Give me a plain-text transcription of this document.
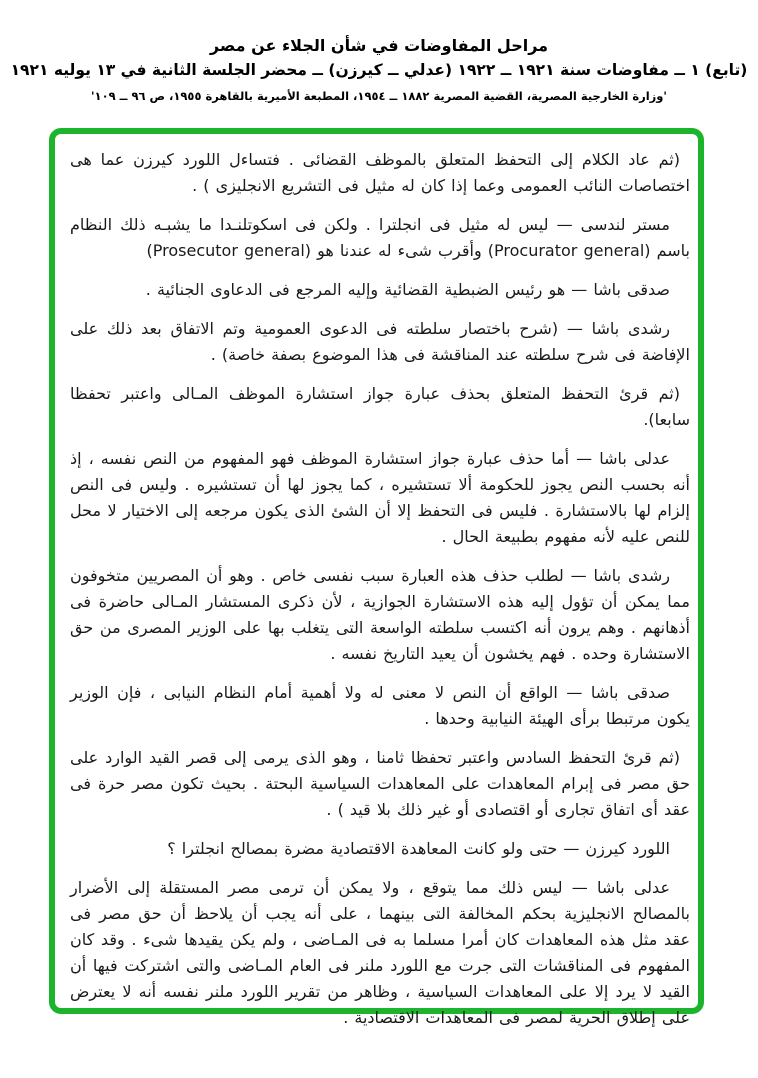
مراحل المفاوضات في شأن الجلاء عن مصر
(تابع) ١ ــ مفاوضات سنة ١٩٢١ ــ ١٩٢٢ (عدلي ــ كيرزن) ــ محضر الجلسة الثانية في ١٣ يوليه ١٩٢١
'وزارة الخارجية المصرية، القضية المصرية ١٨٨٢ ــ ١٩٥٤، المطبعة الأميرية بالقاهرة ١٩٥٥، ص ٩٦ ــ ١٠٩'

(ثم عاد الكلام إلى التحفظ المتعلق بالموظف القضائى . فتساءل اللورد كيرزن عما هى اختصاصات النائب العمومى وعما إذا كان له مثيل فى التشريع الانجليزى ) .

مستر لندسى — ليس له مثيل فى انجلترا . ولكن فى اسكوتلنـدا ما يشبـه ذلك النظام باسم (Procurator general) وأقرب شىء له عندنا هو (Prosecutor general)

صدقى باشا — هو رئيس الضبطية القضائية وإليه المرجع فى الدعاوى الجنائية .

رشدى باشا — (شرح باختصار سلطته فى الدعوى العمومية وتم الاتفاق بعد ذلك على الإفاضة فى شرح سلطته عند المناقشة فى هذا الموضوع بصفة خاصة) .

(ثم قرئ التحفظ المتعلق بحذف عبارة جواز استشارة الموظف المـالى واعتبر تحفظا سابعا).

عدلى باشا — أما حذف عبارة جواز استشارة الموظف فهو المفهوم من النص نفسه ، إذ أنه بحسب النص يجوز للحكومة ألا تستشيره ، كما يجوز لها أن تستشيره . وليس فى النص إلزام لها بالاستشارة . فليس فى التحفظ إلا أن الشئ الذى يكون مرجعه إلى الاختيار لا محل للنص عليه لأنه مفهوم بطبيعة الحال .

رشدى باشا — لطلب حذف هذه العبارة سبب نفسى خاص . وهو أن المصريين متخوفون مما يمكن أن تؤول إليه هذه الاستشارة الجوازية ، لأن ذكرى المستشار المـالى حاضرة فى أذهانهم . وهم يرون أنه اكتسب سلطته الواسعة التى يتغلب بها على الوزير المصرى من حق الاستشارة وحده . فهم يخشون أن يعيد التاريخ نفسه .

صدقى باشا — الواقع أن النص لا معنى له ولا أهمية أمام النظام النيابى ، فإن الوزير يكون مرتبطا برأى الهيئة النيابية وحدها .

(ثم قرئ التحفظ السادس واعتبر تحفظا ثامنا ، وهو الذى يرمى إلى قصر القيد الوارد على حق مصر فى إبرام المعاهدات على المعاهدات السياسية البحتة . بحيث تكون مصر حرة فى عقد أى اتفاق تجارى أو اقتصادى أو غير ذلك بلا قيد ) .

اللورد كيرزن — حتى ولو كانت المعاهدة الاقتصادية مضرة بمصالح انجلترا ؟

عدلى باشا — ليس ذلك مما يتوقع ، ولا يمكن أن ترمى مصر المستقلة إلى الأضرار بالمصالح الانجليزية بحكم المخالفة التى بينهما ، على أنه يجب أن يلاحظ أن حق مصر فى عقد مثل هذه المعاهدات كان أمرا مسلما به فى المـاضى ، ولم يكن يقيدها شىء . وقد كان المفهوم فى المناقشات التى جرت مع اللورد ملنر فى العام المـاضى والتى اشتركت فيها أن القيد لا يرد إلا على المعاهدات السياسية ، وظاهر من تقرير اللورد ملنر نفسه أنه لا يعترض على إطلاق الحرية لمصر فى المعاهدات الاقتصادية .
